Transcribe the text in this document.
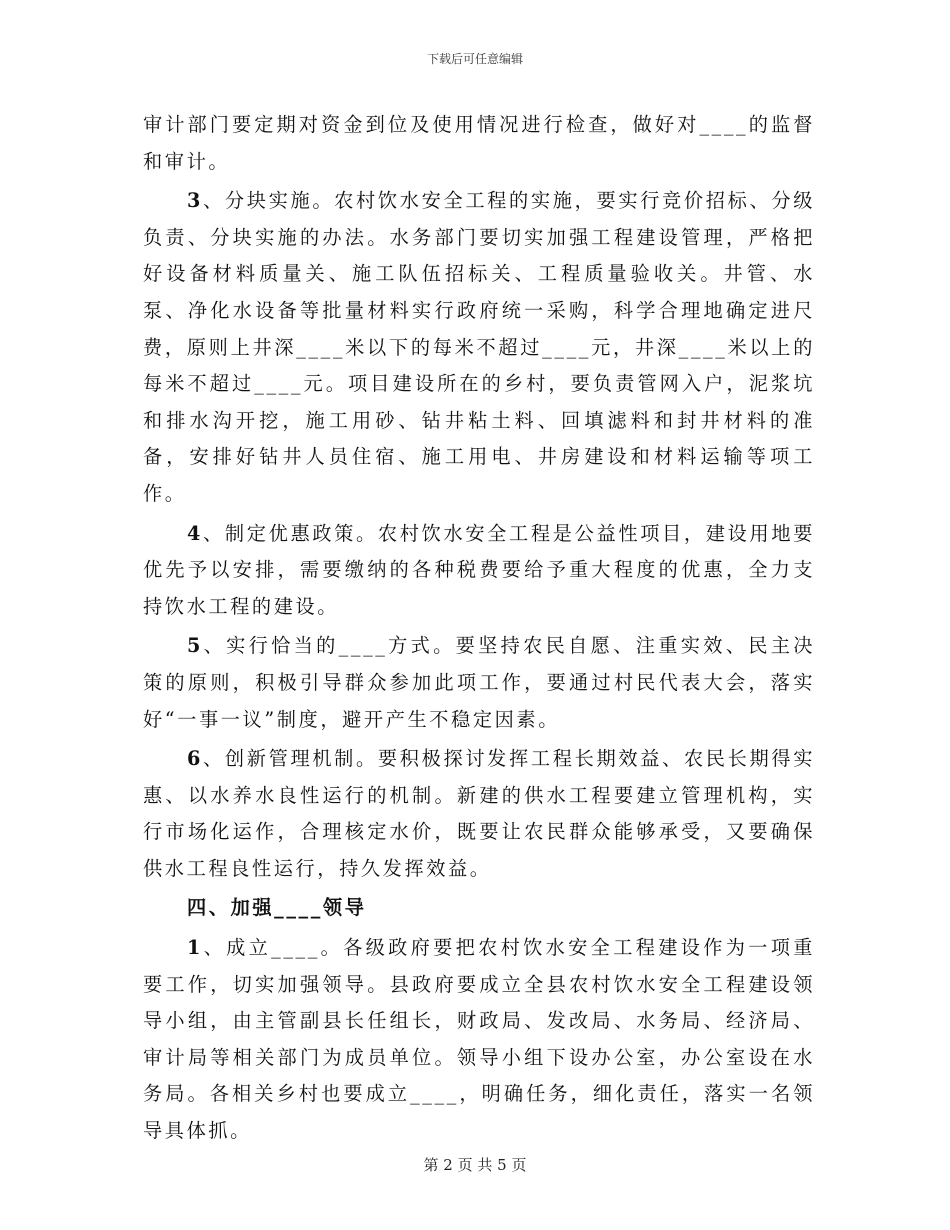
下载后可任意编辑

审计部门要定期对资金到位及使用情况进行检查，做好对____的监督和审计。

3、分块实施。农村饮水安全工程的实施，要实行竞价招标、分级负责、分块实施的办法。水务部门要切实加强工程建设管理，严格把好设备材料质量关、施工队伍招标关、工程质量验收关。井管、水泵、净化水设备等批量材料实行政府统一采购，科学合理地确定进尺费，原则上井深____米以下的每米不超过____元，井深____米以上的每米不超过____元。项目建设所在的乡村，要负责管网入户，泥浆坑和排水沟开挖，施工用砂、钻井粘土料、回填滤料和封井材料的准备，安排好钻井人员住宿、施工用电、井房建设和材料运输等项工作。

4、制定优惠政策。农村饮水安全工程是公益性项目，建设用地要优先予以安排，需要缴纳的各种税费要给予重大程度的优惠，全力支持饮水工程的建设。

5、实行恰当的____方式。要坚持农民自愿、注重实效、民主决策的原则，积极引导群众参加此项工作，要通过村民代表大会，落实好“一事一议”制度，避开产生不稳定因素。

6、创新管理机制。要积极探讨发挥工程长期效益、农民长期得实惠、以水养水良性运行的机制。新建的供水工程要建立管理机构，实行市场化运作，合理核定水价，既要让农民群众能够承受，又要确保供水工程良性运行，持久发挥效益。

四、加强____领导

1、成立____。各级政府要把农村饮水安全工程建设作为一项重要工作，切实加强领导。县政府要成立全县农村饮水安全工程建设领导小组，由主管副县长任组长，财政局、发改局、水务局、经济局、审计局等相关部门为成员单位。领导小组下设办公室，办公室设在水务局。各相关乡村也要成立____，明确任务，细化责任，落实一名领导具体抓。

第 2 页 共 5 页
